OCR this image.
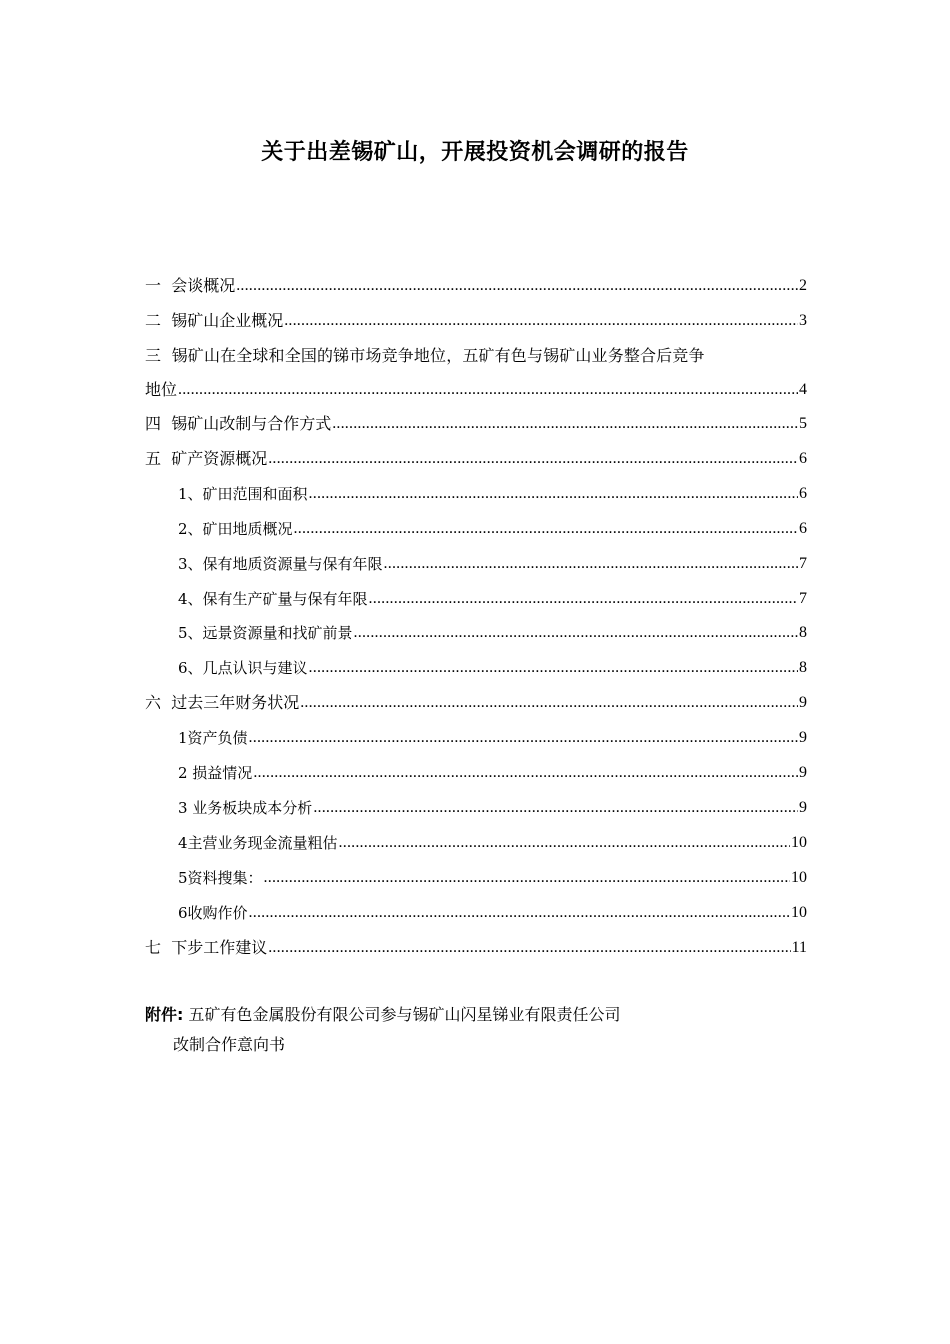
关于出差锡矿山，开展投资机会调研的报告
一 会谈概况 .....	2
二 锡矿山企业概况 .....	3
三 锡矿山在全球和全国的锑市场竞争地位，五矿有色与锡矿山业务整合后竞争
地位 .....	4
四 锡矿山改制与合作方式 .....	5
五 矿产资源概况 .....	6
1、矿田范围和面积 .....	6
2、矿田地质概况 .....	6
3、保有地质资源量与保有年限 .....	7
4、保有生产矿量与保有年限 .....	7
5、远景资源量和找矿前景 .....	8
6、几点认识与建议 .....	8
六 过去三年财务状况 .....	9
1资产负债 .....	9
2 损益情况 .....	9
3 业务板块成本分析 .....	9
4主营业务现金流量粗估 .....	10
5资料搜集： .....	10
6收购作价 .....	10
七 下步工作建议 .....	11
附件: 五矿有色金属股份有限公司参与锡矿山闪星锑业有限责任公司
改制合作意向书
